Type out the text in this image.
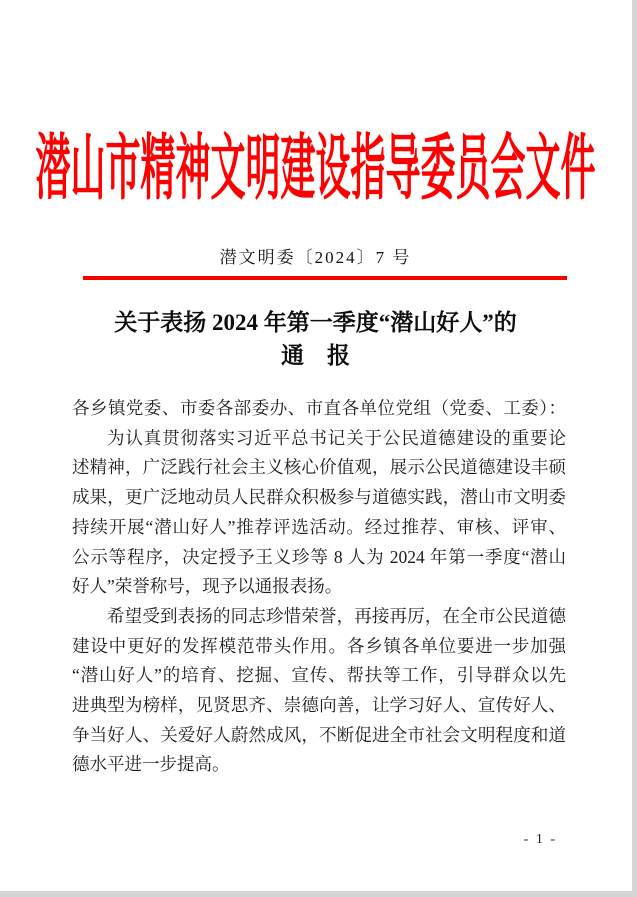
潜山市精神文明建设指导委员会文件
潜文明委〔2024〕7 号
关于表扬 2024 年第一季度“潜山好人”的
通　报
各乡镇党委、市委各部委办、市直各单位党组（党委、工委）：
为认真贯彻落实习近平总书记关于公民道德建设的重要论
述精神，广泛践行社会主义核心价值观，展示公民道德建设丰硕
成果，更广泛地动员人民群众积极参与道德实践，潜山市文明委
持续开展“潜山好人”推荐评选活动。经过推荐、审核、评审、
公示等程序，决定授予王义珍等 8 人为 2024 年第一季度“潜山
好人”荣誉称号，现予以通报表扬。
希望受到表扬的同志珍惜荣誉，再接再厉，在全市公民道德
建设中更好的发挥模范带头作用。各乡镇各单位要进一步加强
“潜山好人”的培育、挖掘、宣传、帮扶等工作，引导群众以先
进典型为榜样，见贤思齐、崇德向善，让学习好人、宣传好人、
争当好人、关爱好人蔚然成风，不断促进全市社会文明程度和道
德水平进一步提高。
- 1 -
